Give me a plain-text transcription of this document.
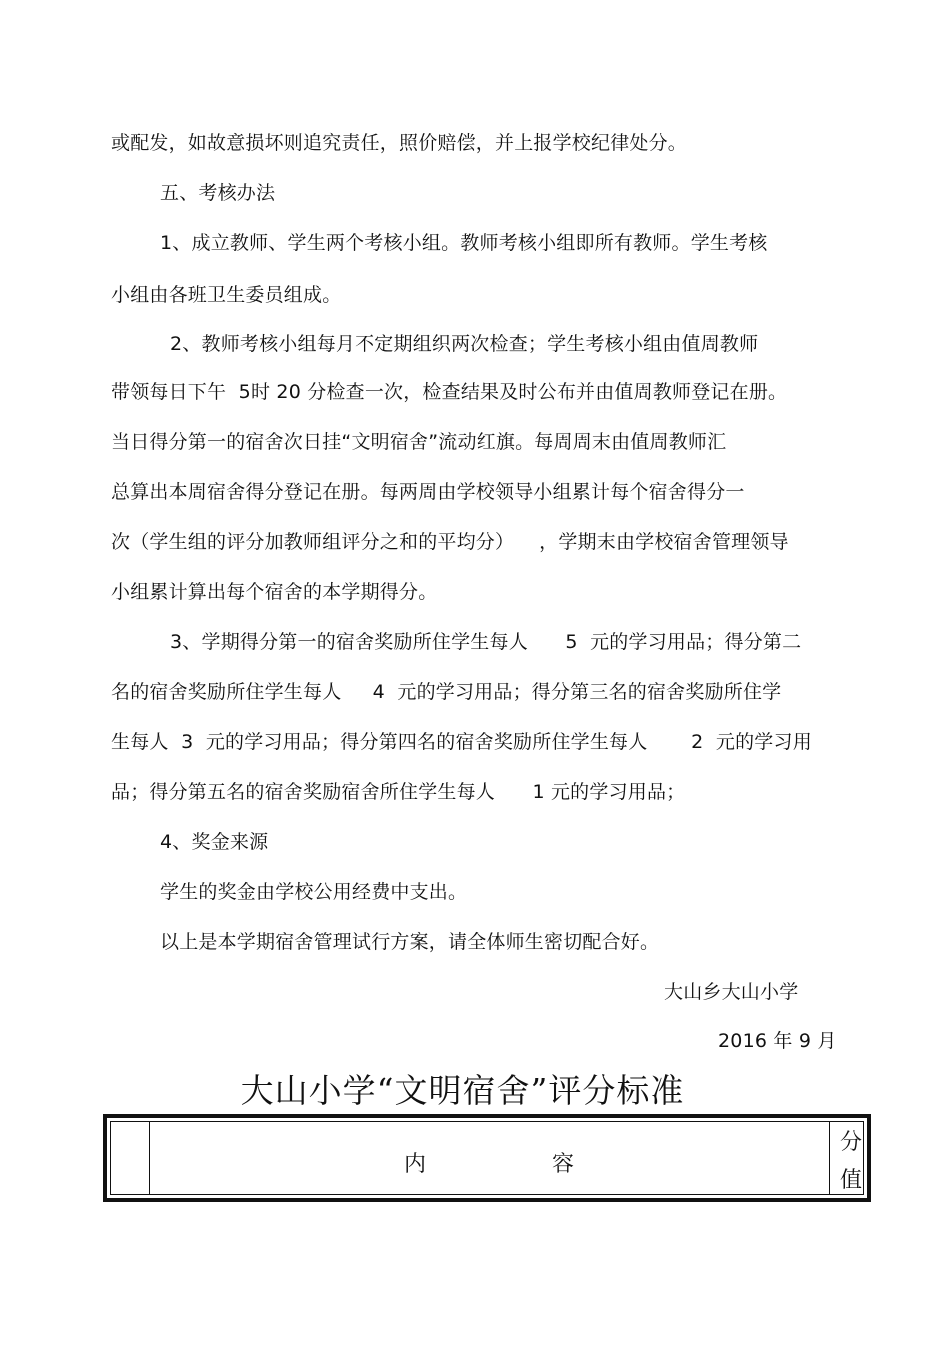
或配发，如故意损坏则追究责任，照价赔偿，并上报学校纪律处分。
五、考核办法
1、成立教师、学生两个考核小组。教师考核小组即所有教师。学生考核
小组由各班卫生委员组成。
2、教师考核小组每月不定期组织两次检查；学生考核小组由值周教师
带领每日下午  5时 20 分检查一次，检查结果及时公布并由值周教师登记在册。
当日得分第一的宿舍次日挂“文明宿舍”流动红旗。每周周末由值周教师汇
总算出本周宿舍得分登记在册。每两周由学校领导小组累计每个宿舍得分一
次（学生组的评分加教师组评分之和的平均分）    ，学期末由学校宿舍管理领导
小组累计算出每个宿舍的本学期得分。
3、学期得分第一的宿舍奖励所住学生每人      5  元的学习用品；得分第二
名的宿舍奖励所住学生每人     4  元的学习用品；得分第三名的宿舍奖励所住学
生每人  3  元的学习用品；得分第四名的宿舍奖励所住学生每人       2  元的学习用
品；得分第五名的宿舍奖励宿舍所住学生每人      1 元的学习用品；
4、奖金来源
学生的奖金由学校公用经费中支出。
以上是本学期宿舍管理试行方案，请全体师生密切配合好。
大山乡大山小学
2016 年 9 月
大山小学“文明宿舍”评分标准
内	容
分
值
